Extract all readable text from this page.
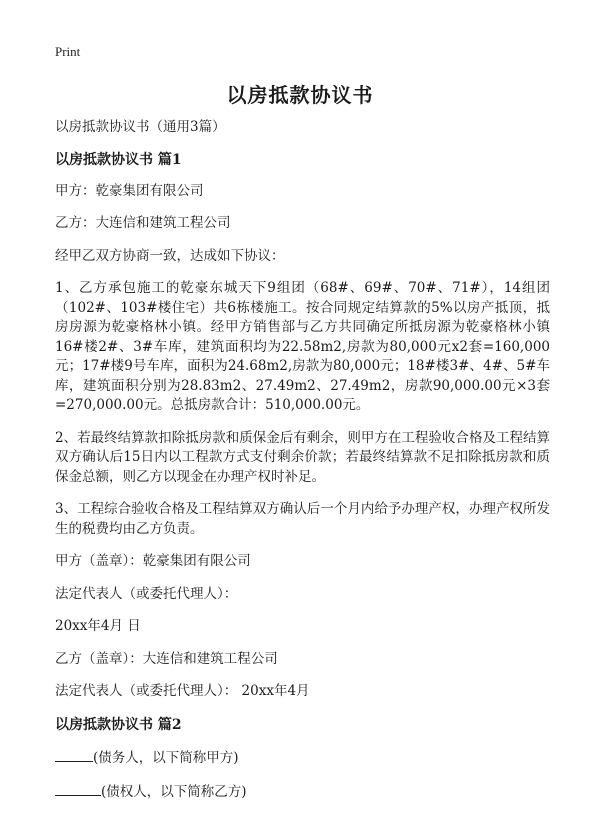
Print
以房抵款协议书

以房抵款协议书（通用3篇）

以房抵款协议书 篇1

甲方：乾豪集团有限公司

乙方：大连信和建筑工程公司

经甲乙双方协商一致，达成如下协议：

1、乙方承包施工的乾豪东城天下9组团（68#、69#、70#、71#），14组团 （102#、103#楼住宅）共6栋楼施工。按合同规定结算款的5%以房产抵顶，抵房房源为乾豪格林小镇。经甲方销售部与乙方共同确定所抵房源为乾豪格林小镇16#楼2#、3#车库，建筑面积均为22.58m2,房款为80,000元x2套=160,000元；17#楼9号车库，面积为24.68m2,房款为80,000元；18#楼3#、4#、5#车库，建筑面积分别为28.83m2、27.49m2、27.49m2，房款90,000.00元×3套=270,000.00元。总抵房款合计：510,000.00元。

2、若最终结算款扣除抵房款和质保金后有剩余，则甲方在工程验收合格及工程结算双方确认后15日内以工程款方式支付剩余价款；若最终结算款不足扣除抵房款和质保金总额，则乙方以现金在办理产权时补足。

3、工程综合验收合格及工程结算双方确认后一个月内给予办理产权，办理产权所发生的税费均由乙方负责。

甲方（盖章）：乾豪集团有限公司

法定代表人（或委托代理人）：

20xx年4月 日

乙方（盖章）：大连信和建筑工程公司

法定代表人（或委托代理人）： 20xx年4月

以房抵款协议书 篇2

(债务人，以下简称甲方)

(债权人，以下简称乙方)
